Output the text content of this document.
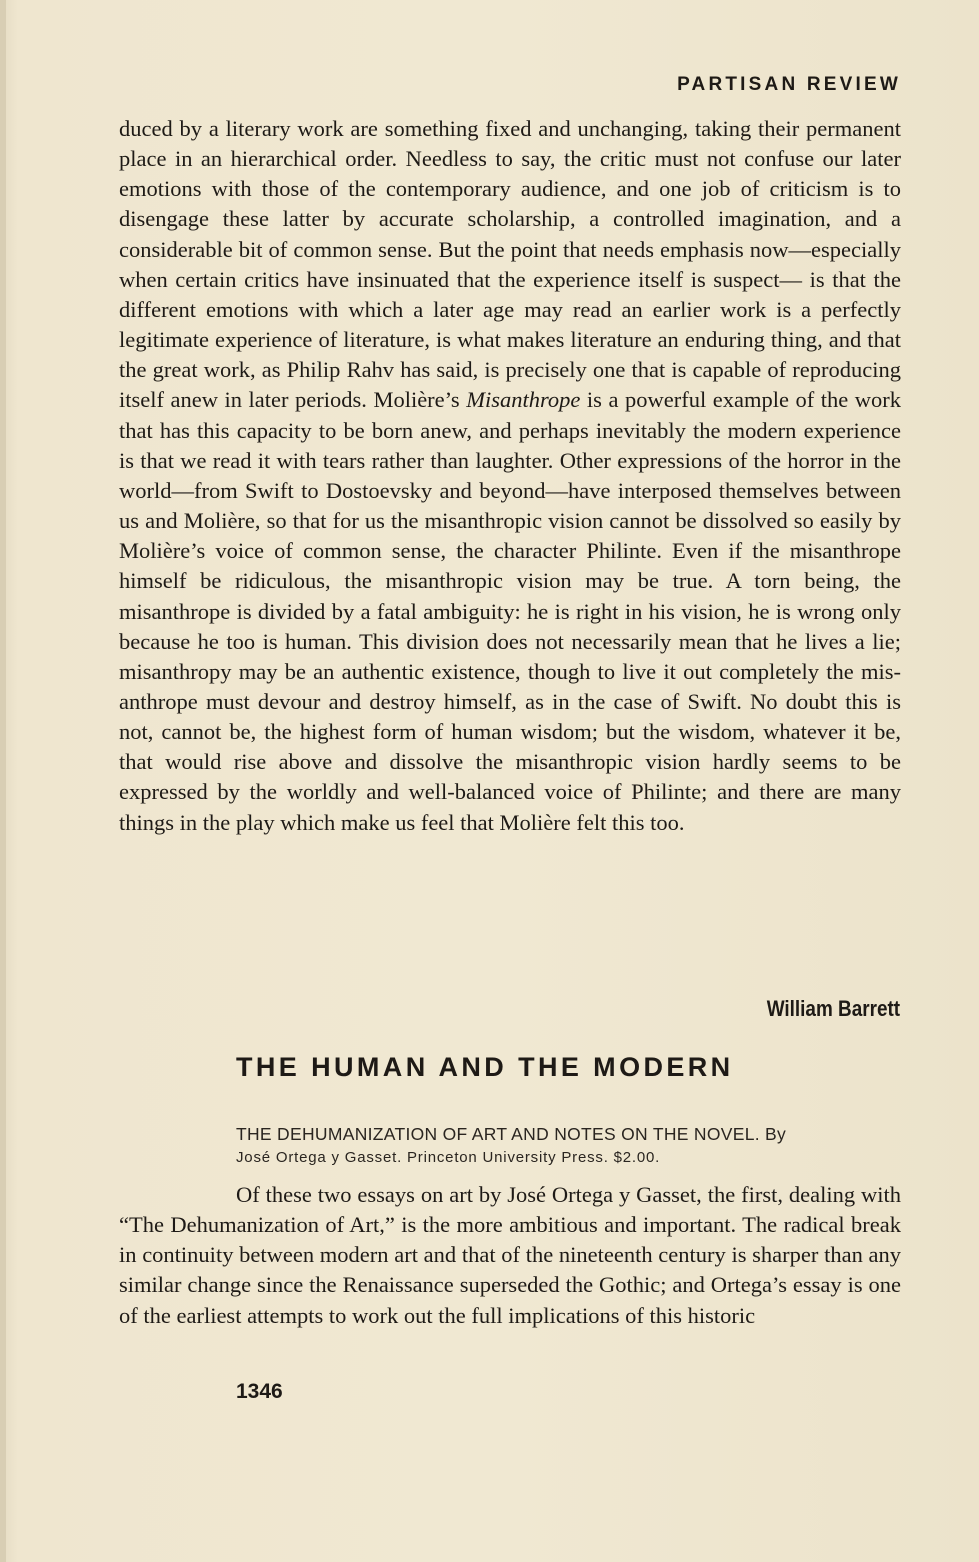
PARTISAN REVIEW

duced by a literary work are something fixed and unchanging, taking their permanent place in an hierarchical order. Needless to say, the critic must not confuse our later emotions with those of the contemporary audience, and one job of criticism is to disengage these latter by accurate scholarship, a controlled imagination, and a considerable bit of common sense. But the point that needs emphasis now—especially when certain critics have insinuated that the experience itself is suspect— is that the different emotions with which a later age may read an earlier work is a perfectly legitimate experience of literature, is what makes literature an enduring thing, and that the great work, as Philip Rahv has said, is precisely one that is capable of reproducing itself anew in later periods. Molière’s Misanthrope is a powerful example of the work that has this capacity to be born anew, and perhaps inevitably the modern experience is that we read it with tears rather than laughter. Other expressions of the horror in the world—from Swift to Dostoevsky and beyond—have interposed themselves between us and Molière, so that for us the misanthropic vision cannot be dissolved so easily by Molière’s voice of common sense, the character Philinte. Even if the misanthrope himself be ridiculous, the misanthropic vision may be true. A torn being, the misanthrope is divided by a fatal ambiguity: he is right in his vision, he is wrong only because he too is human. This division does not necessarily mean that he lives a lie; misanthropy may be an authentic existence, though to live it out completely the misanthrope must devour and destroy himself, as in the case of Swift. No doubt this is not, cannot be, the highest form of human wisdom; but the wisdom, whatever it be, that would rise above and dissolve the misanthropic vision hardly seems to be expressed by the worldly and well-balanced voice of Philinte; and there are many things in the play which make us feel that Molière felt this too.

William Barrett
THE HUMAN AND THE MODERN
THE DEHUMANIZATION OF ART AND NOTES ON THE NOVEL. By
José Ortega y Gasset. Princeton University Press. $2.00.

Of these two essays on art by José Ortega y Gasset, the first, dealing with “The Dehumanization of Art,” is the more ambitious and important. The radical break in continuity between modern art and that of the nineteenth century is sharper than any similar change since the Renaissance superseded the Gothic; and Ortega’s essay is one of the earliest attempts to work out the full implications of this historic

1346
